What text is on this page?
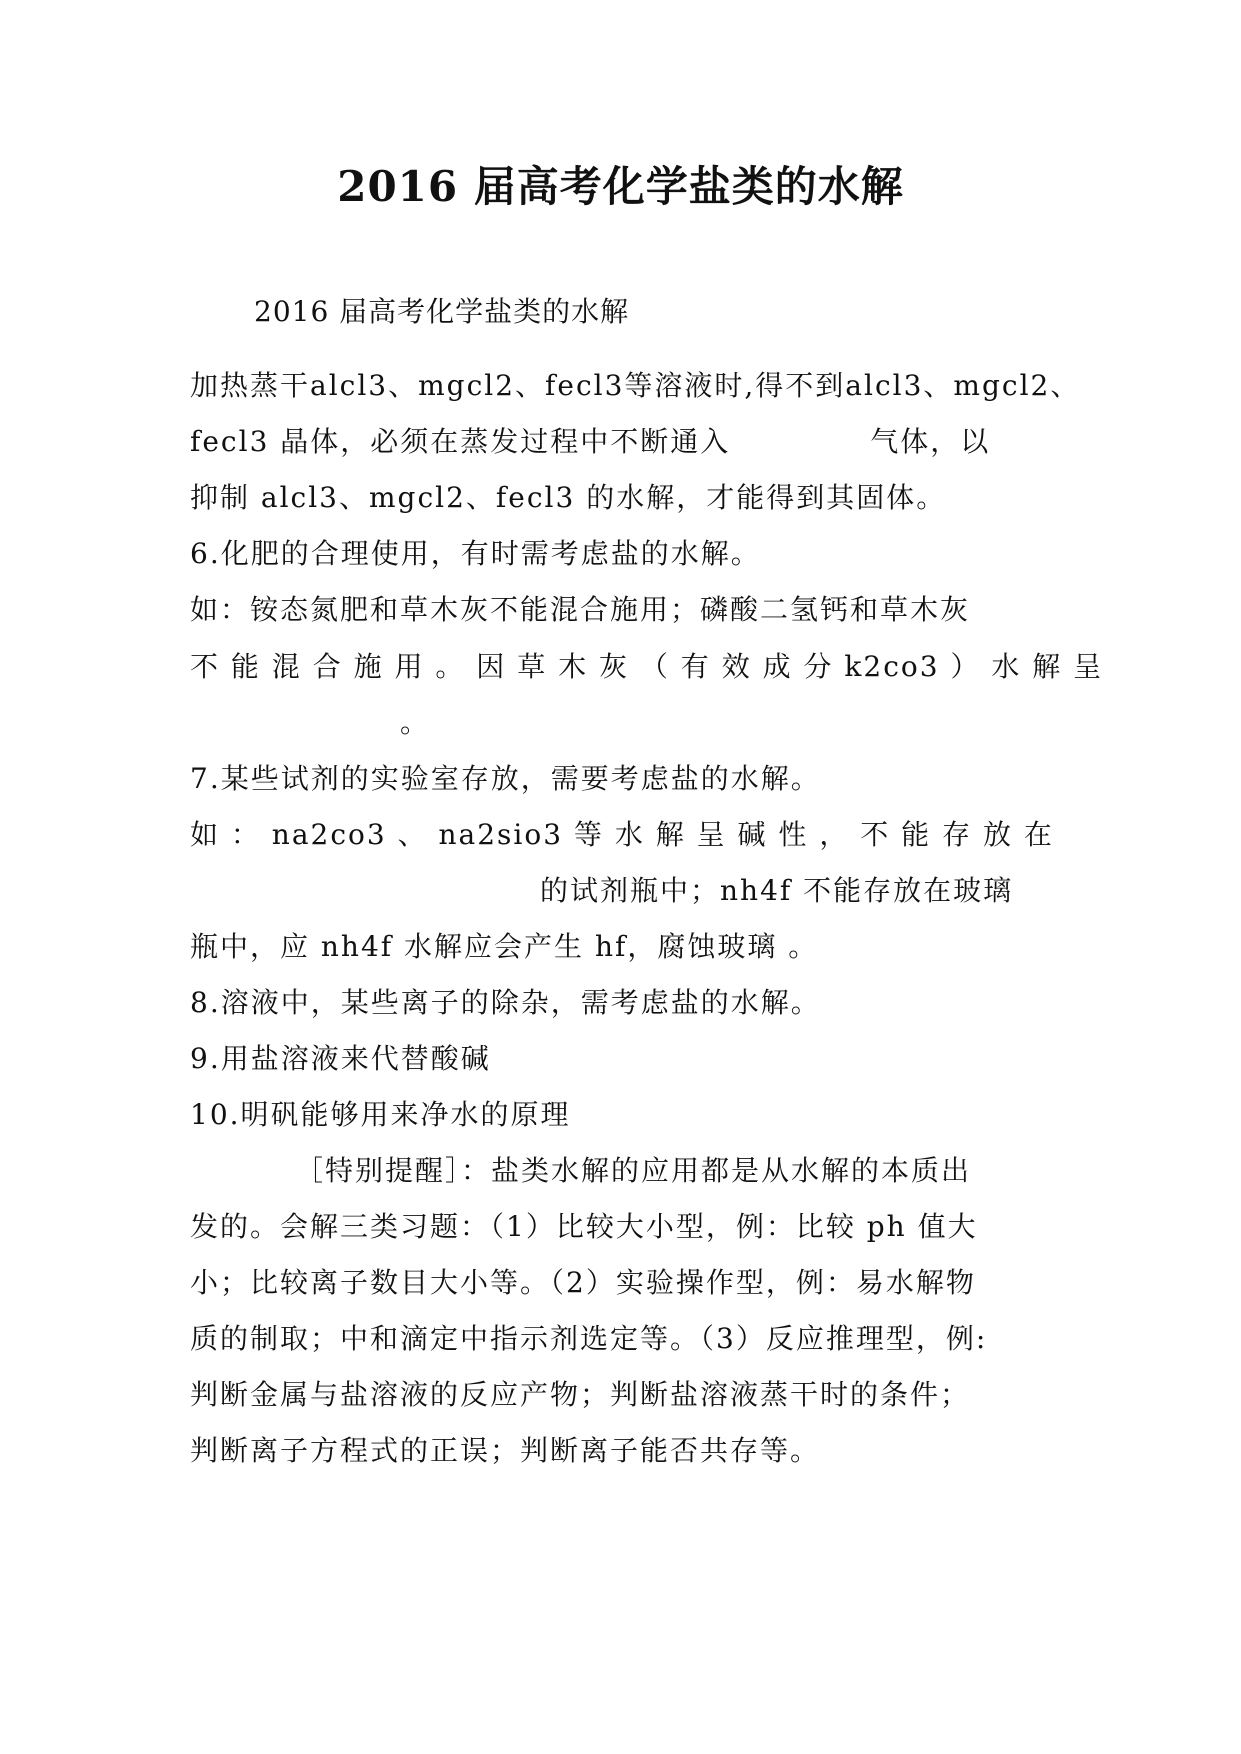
2016 届高考化学盐类的水解
2016 届高考化学盐类的水解
加热蒸干alcl3、mgcl2、fecl3等溶液时,得不到alcl3、mgcl2、
fecl3 晶体，必须在蒸发过程中不断通入	气体，以
抑制 alcl3、mgcl2、fecl3 的水解，才能得到其固体。
6.化肥的合理使用，有时需考虑盐的水解。
如：铵态氮肥和草木灰不能混合施用；磷酸二氢钙和草木灰
不 能 混 合 施 用 。 因 草 木 灰 （ 有 效 成 分 k2co3 ） 水 解 呈
。
7.某些试剂的实验室存放，需要考虑盐的水解。
如 ： na2co3 、 na2sio3 等 水 解 呈 碱 性 ， 不 能 存 放 在
的试剂瓶中；nh4f 不能存放在玻璃
瓶中，应 nh4f 水解应会产生 hf，腐蚀玻璃 。
8.溶液中，某些离子的除杂，需考虑盐的水解。
9.用盐溶液来代替酸碱
10.明矾能够用来净水的原理
［特别提醒］：盐类水解的应用都是从水解的本质出
发的。会解三类习题：（1）比较大小型，例：比较 ph 值大
小；比较离子数目大小等。（2）实验操作型，例：易水解物
质的制取；中和滴定中指示剂选定等。（3）反应推理型，例:
判断金属与盐溶液的反应产物；判断盐溶液蒸干时的条件；
判断离子方程式的正误；判断离子能否共存等。
